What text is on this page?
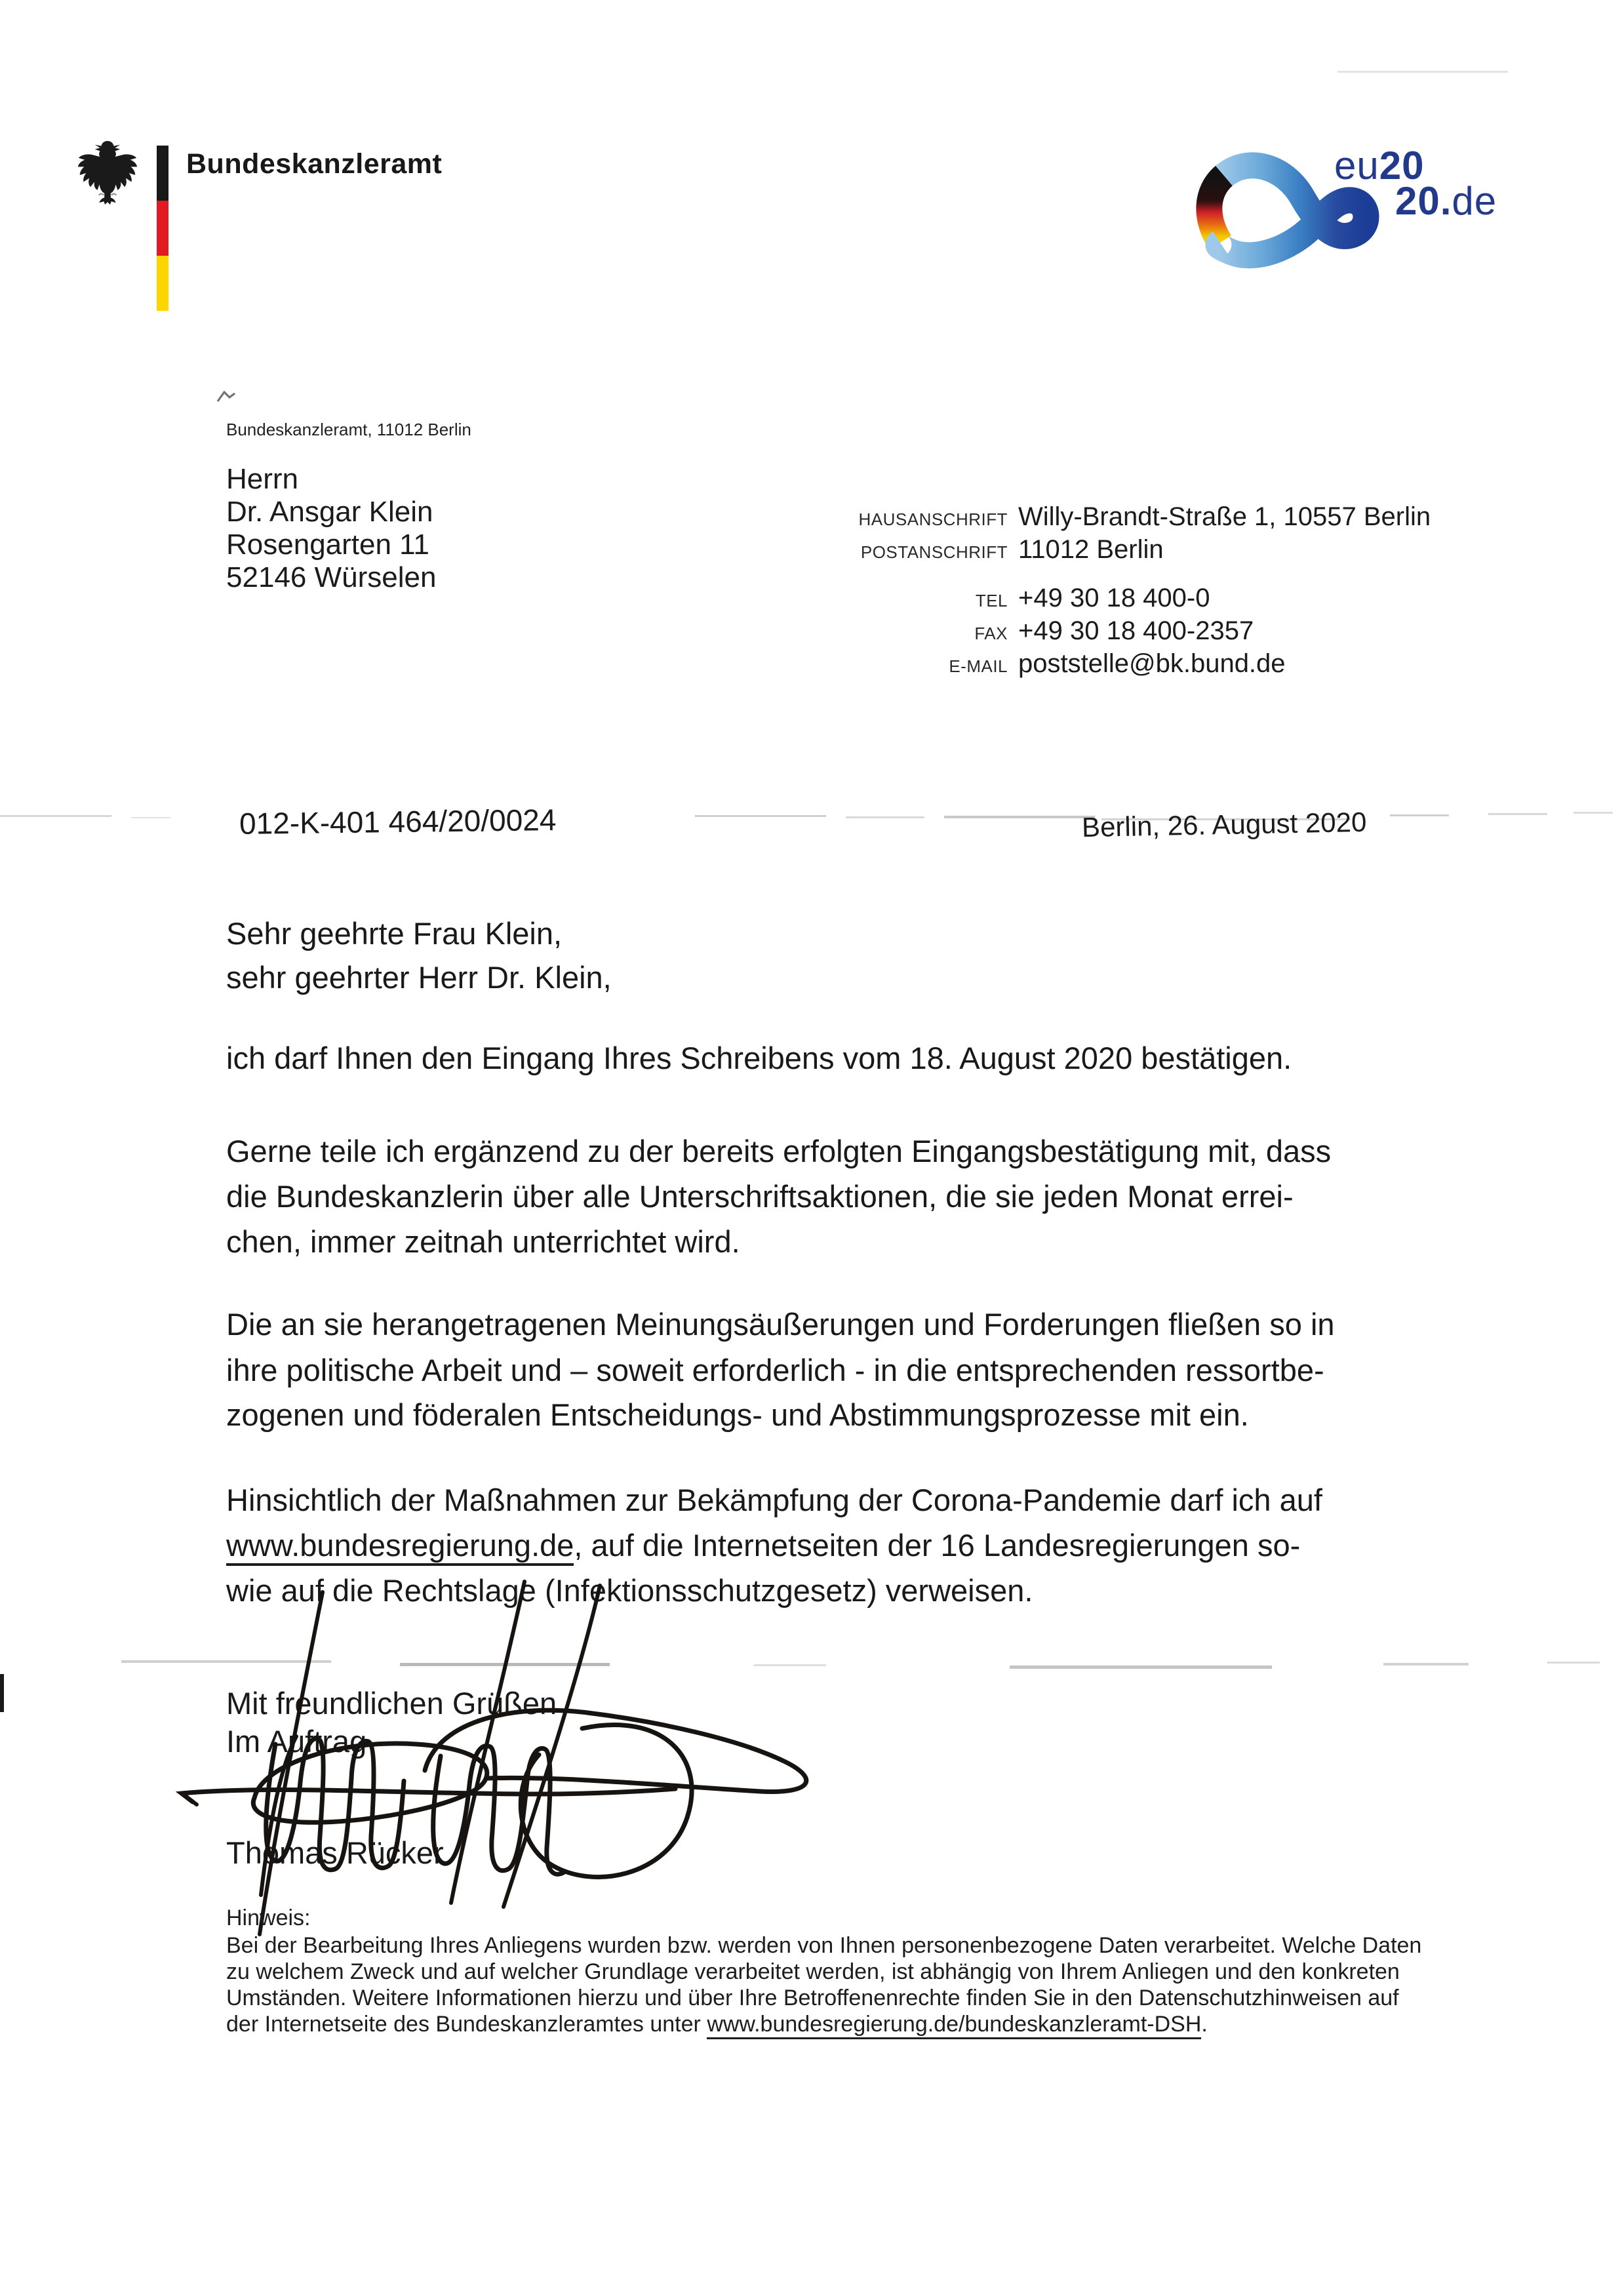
Bundeskanzleramt	eu20
20.de
Bundeskanzleramt, 11012 Berlin
Herrn
Dr. Ansgar Klein
Rosengarten 11
52146 Würselen
HAUSANSCHRIFT Willy-Brandt-Straße 1, 10557 Berlin
POSTANSCHRIFT 11012 Berlin
TEL +49 30 18 400-0
FAX +49 30 18 400-2357
E-MAIL poststelle@bk.bund.de
012-K-401 464/20/0024	Berlin, 26. August 2020
Sehr geehrte Frau Klein,
sehr geehrter Herr Dr. Klein,
ich darf Ihnen den Eingang Ihres Schreibens vom 18. August 2020 bestätigen.
Gerne teile ich ergänzend zu der bereits erfolgten Eingangsbestätigung mit, dass
die Bundeskanzlerin über alle Unterschriftsaktionen, die sie jeden Monat errei-
chen, immer zeitnah unterrichtet wird.
Die an sie herangetragenen Meinungsäußerungen und Forderungen fließen so in
ihre politische Arbeit und – soweit erforderlich - in die entsprechenden ressortbe-
zogenen und föderalen Entscheidungs- und Abstimmungsprozesse mit ein.
Hinsichtlich der Maßnahmen zur Bekämpfung der Corona-Pandemie darf ich auf
www.bundesregierung.de, auf die Internetseiten der 16 Landesregierungen so-
wie auf die Rechtslage (Infektionsschutzgesetz) verweisen.
Mit freundlichen Grüßen
Im Auftrag
Thomas Rücker
Hinweis:
Bei der Bearbeitung Ihres Anliegens wurden bzw. werden von Ihnen personenbezogene Daten verarbeitet. Welche Daten
zu welchem Zweck und auf welcher Grundlage verarbeitet werden, ist abhängig von Ihrem Anliegen und den konkreten
Umständen. Weitere Informationen hierzu und über Ihre Betroffenenrechte finden Sie in den Datenschutzhinweisen auf
der Internetseite des Bundeskanzleramtes unter www.bundesregierung.de/bundeskanzleramt-DSH.
